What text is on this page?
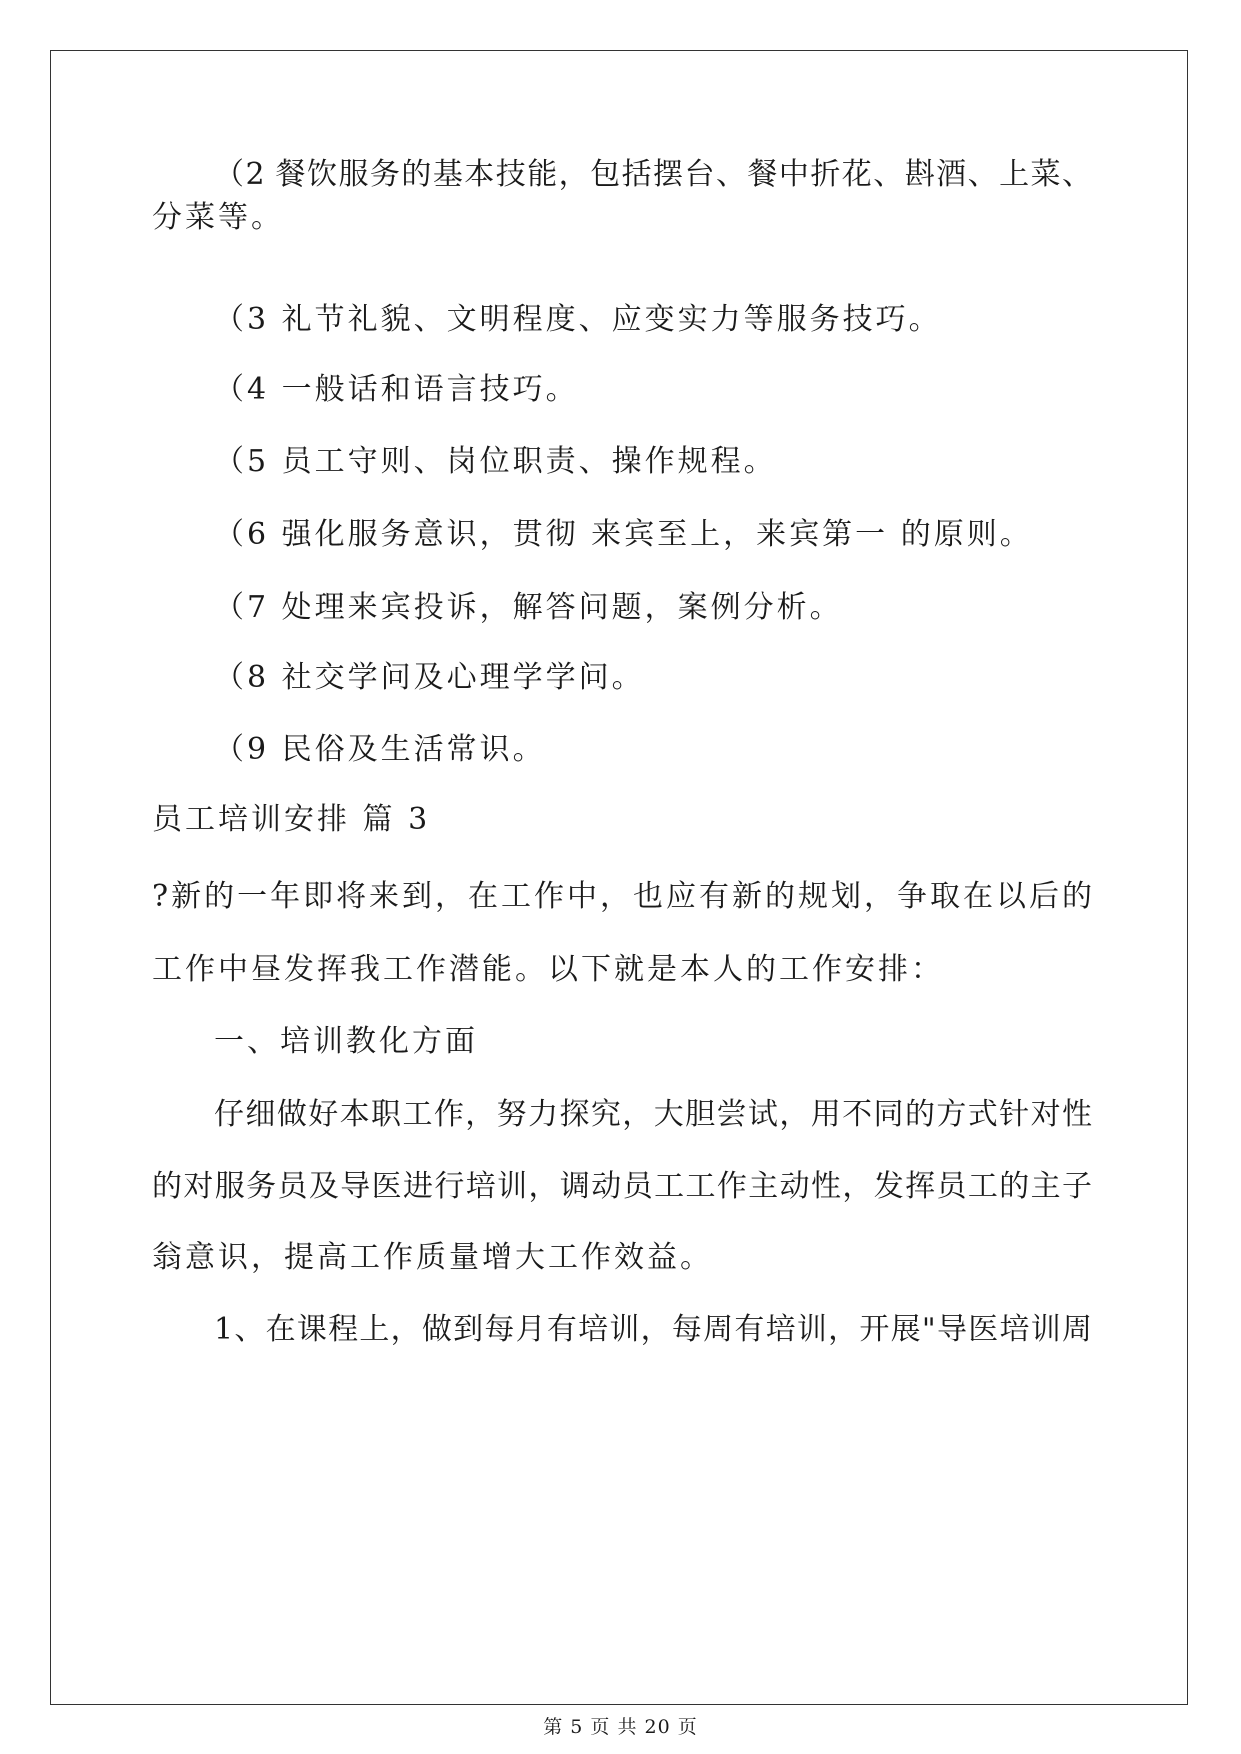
（2 餐饮服务的基本技能，包括摆台、餐中折花、斟酒、上菜、
分菜等。
（3 礼节礼貌、文明程度、应变实力等服务技巧。
（4 一般话和语言技巧。
（5 员工守则、岗位职责、操作规程。
（6 强化服务意识，贯彻 来宾至上，来宾第一 的原则。
（7 处理来宾投诉，解答问题，案例分析。
（8 社交学问及心理学学问。
（9 民俗及生活常识。
员工培训安排 篇 3
?新的一年即将来到，在工作中，也应有新的规划，争取在以后的
工作中昼发挥我工作潜能。以下就是本人的工作安排：
一、培训教化方面
仔细做好本职工作，努力探究，大胆尝试，用不同的方式针对性
的对服务员及导医进行培训，调动员工工作主动性，发挥员工的主子
翁意识，提高工作质量增大工作效益。
1、在课程上，做到每月有培训，每周有培训，开展"导医培训周
第 5 页 共 20 页
